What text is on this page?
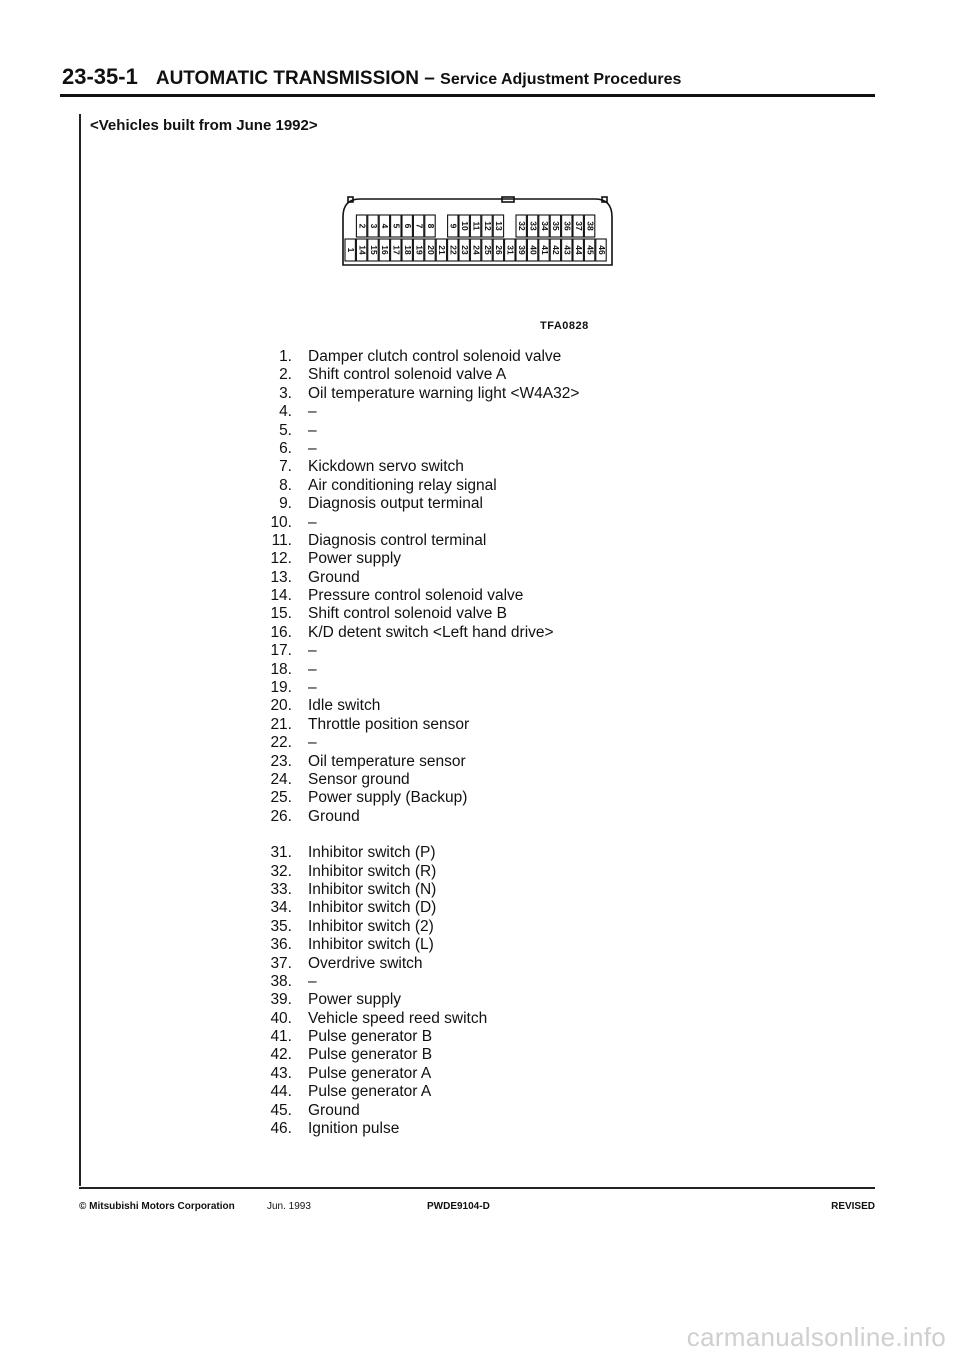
23-35-1 AUTOMATIC TRANSMISSION – Service Adjustment Procedures
<Vehicles built from June 1992>
2 3 4 5 6 7 8 9 10 11 12 13 32 33 34 35 36 37 38
1 14 15 16 17 18 19 20 21 22 23 24 25 26 31 39 40 41 42 43 44 45 46
TFA0828
1. Damper clutch control solenoid valve
2. Shift control solenoid valve A
3. Oil temperature warning light <W4A32>
4. –
5. –
6. –
7. Kickdown servo switch
8. Air conditioning relay signal
9. Diagnosis output terminal
10. –
11. Diagnosis control terminal
12. Power supply
13. Ground
14. Pressure control solenoid valve
15. Shift control solenoid valve B
16. K/D detent switch <Left hand drive>
17. –
18. –
19. –
20. Idle switch
21. Throttle position sensor
22. –
23. Oil temperature sensor
24. Sensor ground
25. Power supply (Backup)
26. Ground
31. Inhibitor switch (P)
32. Inhibitor switch (R)
33. Inhibitor switch (N)
34. Inhibitor switch (D)
35. Inhibitor switch (2)
36. Inhibitor switch (L)
37. Overdrive switch
38. –
39. Power supply
40. Vehicle speed reed switch
41. Pulse generator B
42. Pulse generator B
43. Pulse generator A
44. Pulse generator A
45. Ground
46. Ignition pulse
© Mitsubishi Motors Corporation	Jun. 1993	PWDE9104-D	REVISED
carmanualsonline.info
